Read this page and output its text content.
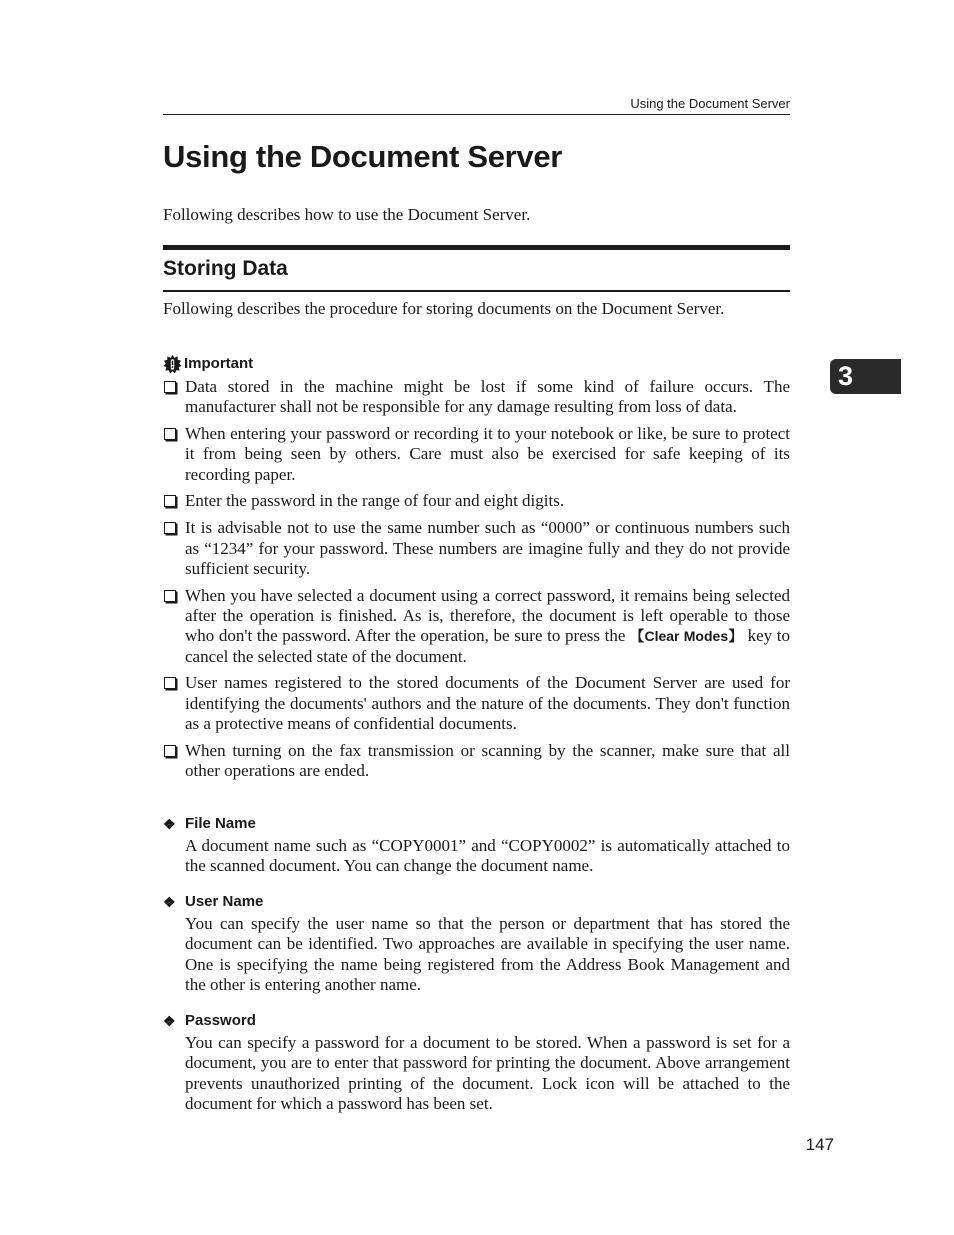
Using the Document Server
Using the Document Server
Following describes how to use the Document Server.
Storing Data
Following describes the procedure for storing documents on the Document Server.
Important
Data stored in the machine might be lost if some kind of failure occurs. The manufacturer shall not be responsible for any damage resulting from loss of data.
When entering your password or recording it to your notebook or like, be sure to protect it from being seen by others. Care must also be exercised for safe keeping of its recording paper.
Enter the password in the range of four and eight digits.
It is advisable not to use the same number such as “0000” or continuous numbers such as “1234” for your password. These numbers are imagine fully and they do not provide sufficient security.
When you have selected a document using a correct password, it remains being selected after the operation is finished. As is, therefore, the document is left operable to those who don't the password. After the operation, be sure to press the 【Clear Modes】 key to cancel the selected state of the document.
User names registered to the stored documents of the Document Server are used for identifying the documents' authors and the nature of the documents. They don't function as a protective means of confidential documents.
When turning on the fax transmission or scanning by the scanner, make sure that all other operations are ended.
❖ File Name
A document name such as “COPY0001” and “COPY0002” is automatically attached to the scanned document. You can change the document name.
❖ User Name
You can specify the user name so that the person or department that has stored the document can be identified. Two approaches are available in specifying the user name. One is specifying the name being registered from the Address Book Management and the other is entering another name.
❖ Password
You can specify a password for a document to be stored. When a password is set for a document, you are to enter that password for printing the document. Above arrangement prevents unauthorized printing of the document. Lock icon will be attached to the document for which a password has been set.
3
147
